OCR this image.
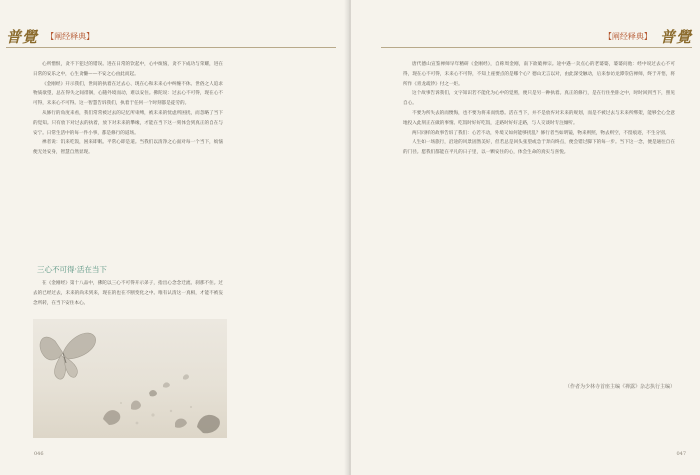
普覺 【阐经释典】

心所憎恨，贪不下犯过的错误。进在日常的饮起中，心中烦恼，贪不下成功与荣耀，进在日常的安乐之中，心生贪懒——不安之心由此而起。

《金刚经》开示我们，世间的执着在过去心、现在心和未来心中纠缠不休。世俗之人追求物质欲望，总在得失之间徘徊，心随外境而动，难以安住。佛陀说：过去心不可得，现在心不可得，未来心不可得。这一智慧告诉我们，执着于任何一个时刻都是徒劳的。

从修行的角度来看，我们常常被过去的记忆所束缚，被未来的忧虑所困扰，而忽略了当下的觉知。只有放下对过去的执着，放下对未来的攀缘，才能在当下这一刻体会到真正的自在与安宁。日常生活中的每一件小事，都是修行的道场。

禅者说：饥来吃饭，困来即眠。平常心即是道。当我们以清净之心面对每一个当下，烦恼便无处安身，智慧自然显现。

三心不可得·活在当下

在《金刚经》第十八品中，佛陀以三心不可得开示弟子，指出心念念迁流、刹那不住。过去的已经过去，未来的尚未到来，现在的也在不断变化之中。唯有认清这一真相，才能不被妄念所转，在当下安住本心。

046
【阐经释典】 普覺

唐代德山宣鉴禅师早年精研《金刚经》，自称周金刚，南下欲破禅宗。途中遇一卖点心的老婆婆，婆婆问他：经中说过去心不可得，现在心不可得，未来心不可得，不知上座要点的是哪个心？德山无言以对，由此深受触动，后来参访龙潭崇信禅师，终于开悟，将所作《青龙疏钞》付之一炬。

这个故事告诉我们，文字知识若不能化为心中的觉照，便只是另一种执着。真正的修行，是在行住坐卧之中，时时回到当下，照见自心。

不要为所失去的而懊悔，也不要为将来而忧愁。活在当下，并不是放弃对未来的规划，而是不被过去与未来所绑架，能够全心全意地投入此刻正在做的事情。吃饭时好好吃饭，走路时好好走路，与人交谈时专注倾听。

两只同样的故事告诉了我们：心若不动，外境又如何能够扰乱？修行者当如明镜，物来则照，物去则空，不留痕迹，不生分别。

人生如一场旅行，沿途的风景固然美好，但若总是回头张望或急于奔向终点，便会错过脚下的每一步。当下这一念，便是通往自在的门径。愿我们都能在平凡的日子里，以一颗安住的心，体会生命的真实与喜悦。

（作者为少林寺首座主编《禅露》杂志执行主编）
047
